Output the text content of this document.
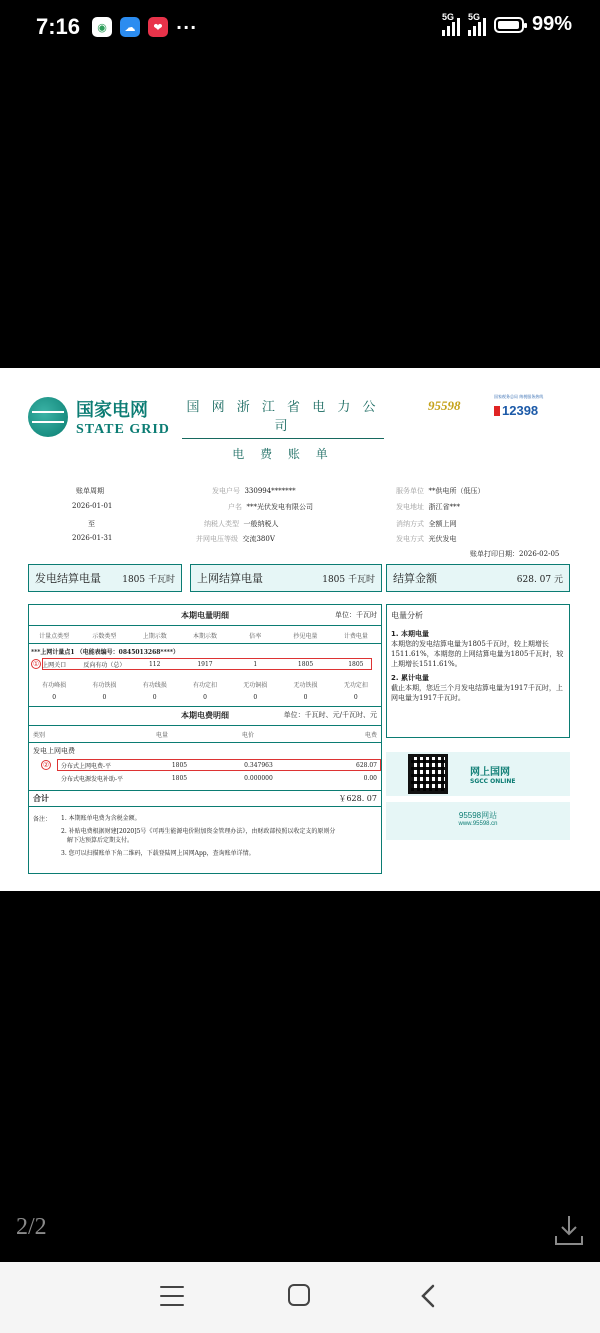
7:16	◉	☁	❤ ···
5G 5G	99%
国家电网
STATE GRID
国 网 浙 江 省 电 力 公 司
电 费 账 单
95598
国家税务总局 纳税服务热线
12398
账单周期
2026-01-01
至
2026-01-31
发电户号 330994*******
户名 ***光伏发电有限公司
纳税人类型 一般纳税人
并网电压等级 交流380V
服务单位 **供电所（低压）
发电地址 浙江省***
消纳方式 全额上网
发电方式 光伏发电
账单打印日期：2026-02-05
发电结算电量 1805 千瓦时 上网结算电量	1805 千瓦时 结算金额	628. 07 元
本期电量明细	单位：千瓦时
计量点类型	示数类型	上期示数	本期示数	倍率	抄见电量	计费电量
***上网计量点1 （电能表编号：0845013268****）
① 上网关口	反向有功（总）	112	1917	1	1805	1805
有功峰损	有功铁损	有功线损	有功定扣	无功铜损	无功铁损	无功定扣
0	0	0	0	0	0	0
本期电费明细	单位：千瓦时、元/千瓦时、元
类别	电量	电价	电费
发电上网电费
②	分布式上网电费-平	1805	0.347963	628.07
分布式电源发电补助-平	1805	0.000000	0.00
合计	￥628. 07
备注： 1. 本期账单电费为含税金额。
2. 补贴电费根据财建[2020]5号《可再生能源电价附加资金管理办法》，由财政部按照以收定支的原则分
解下达预算后定期支付。
3. 您可以扫描账单下角二维码，下载登陆网上国网App，查询账单详情。
电量分析
1. 本期电量
本期您的发电结算电量为1805千瓦时，较上期增长1511.61%，本期您的上网结算电量为1805千瓦时，较上期增长1511.61%。
2. 累计电量
截止本期，您近三个月发电结算电量为1917千瓦时，上网电量为1917千瓦时。
网上国网
SGCC ONLINE
95598网站
www.95598.cn
2/2
